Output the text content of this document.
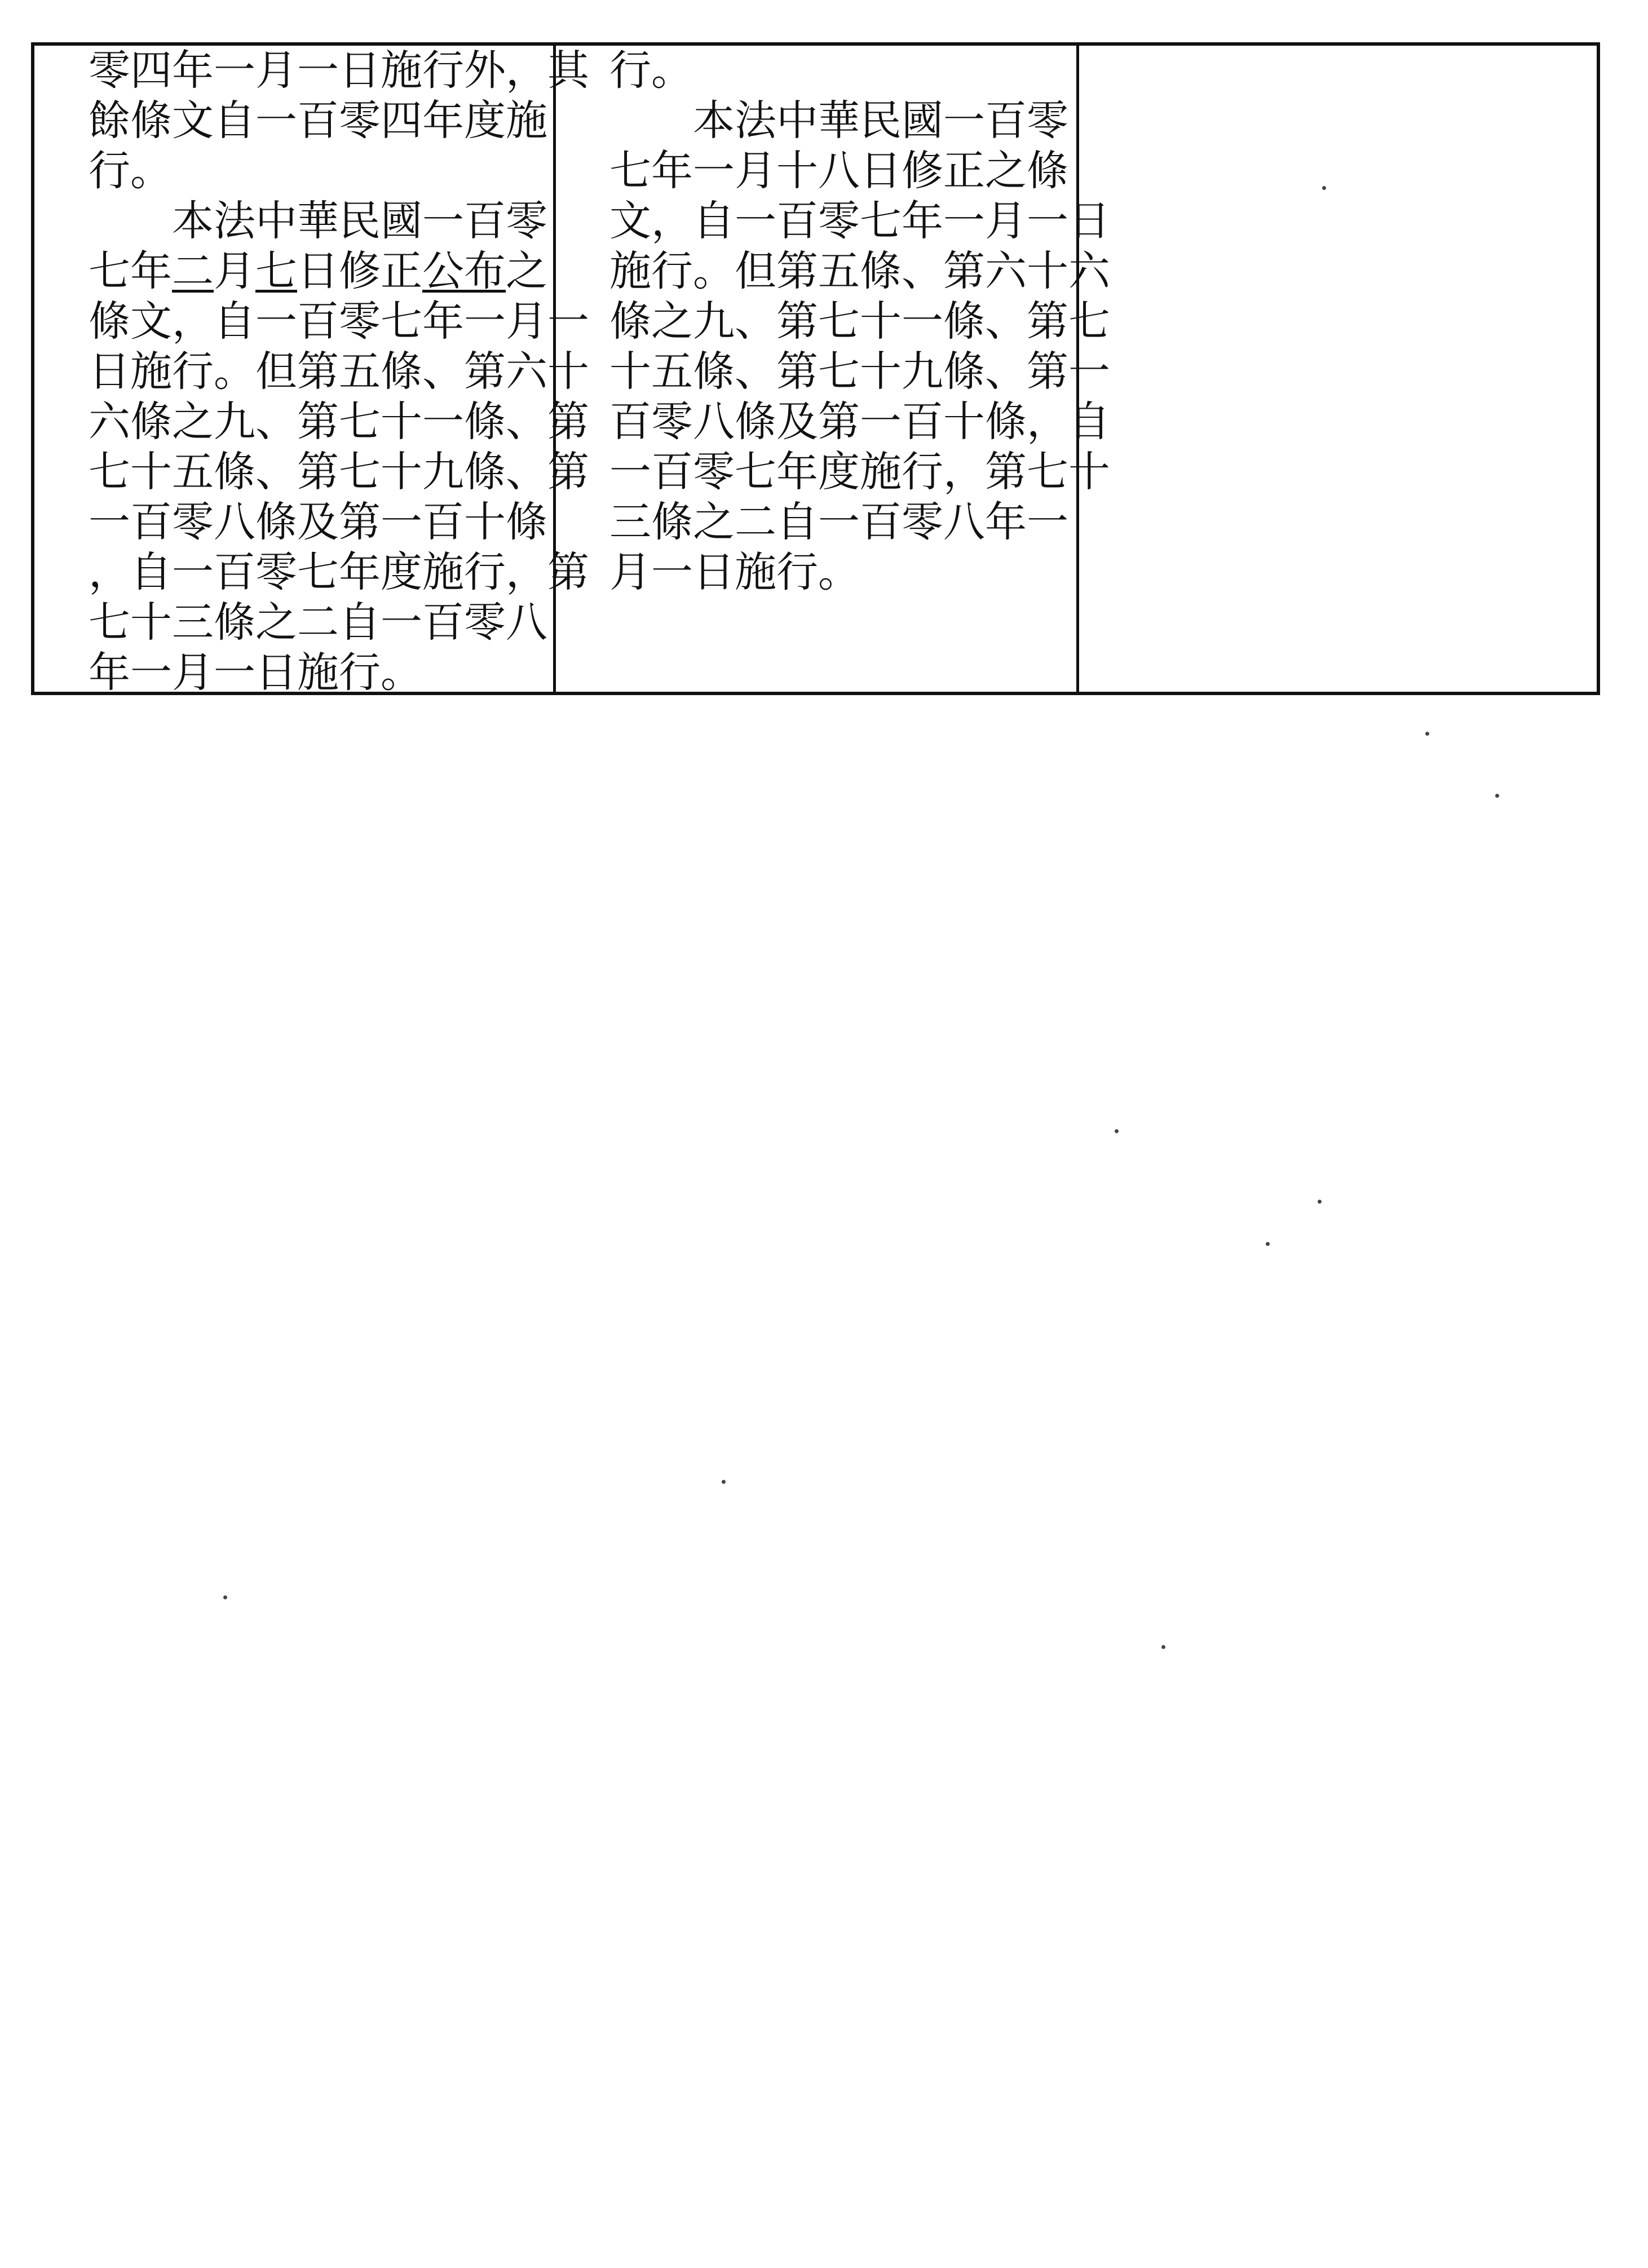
零四年一月一日施行外，其
餘條文自一百零四年度施
行。
　　本法中華民國一百零
七年二月七日修正公布之
條文，自一百零七年一月一
日施行。但第五條、第六十
六條之九、第七十一條、第
七十五條、第七十九條、第
一百零八條及第一百十條
，自一百零七年度施行，第
七十三條之二自一百零八
年一月一日施行。

行。
　　本法中華民國一百零
七年一月十八日修正之條
文，自一百零七年一月一日
施行。但第五條、第六十六
條之九、第七十一條、第七
十五條、第七十九條、第一
百零八條及第一百十條，自
一百零七年度施行，第七十
三條之二自一百零八年一
月一日施行。
